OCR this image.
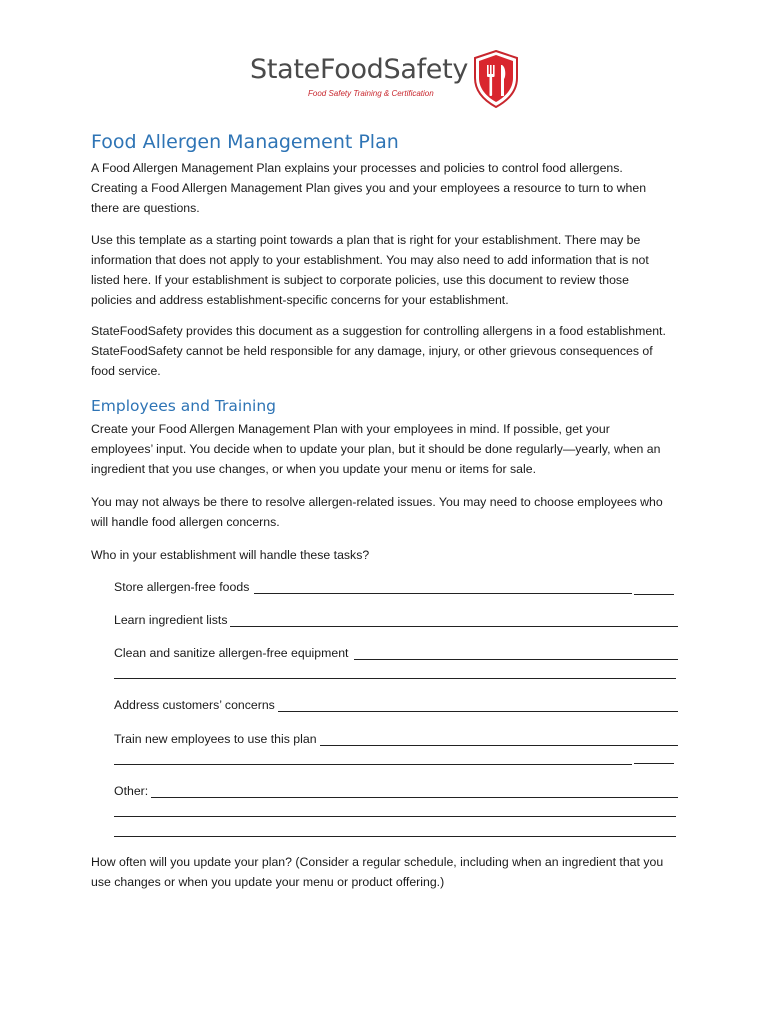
StateFoodSafety
Food Safety Training & Certification
Food Allergen Management Plan

A Food Allergen Management Plan explains your processes and policies to control food allergens.
Creating a Food Allergen Management Plan gives you and your employees a resource to turn to when
there are questions.

Use this template as a starting point towards a plan that is right for your establishment. There may be
information that does not apply to your establishment. You may also need to add information that is not
listed here. If your establishment is subject to corporate policies, use this document to review those
policies and address establishment-specific concerns for your establishment.

StateFoodSafety provides this document as a suggestion for controlling allergens in a food establishment.
StateFoodSafety cannot be held responsible for any damage, injury, or other grievous consequences of
food service.

Employees and Training

Create your Food Allergen Management Plan with your employees in mind. If possible, get your
employees’ input. You decide when to update your plan, but it should be done regularly—yearly, when an
ingredient that you use changes, or when you update your menu or items for sale.

You may not always be there to resolve allergen-related issues. You may need to choose employees who
will handle food allergen concerns.

Who in your establishment will handle these tasks?

Store allergen-free foods
Learn ingredient lists
Clean and sanitize allergen-free equipment
Address customers’ concerns
Train new employees to use this plan
Other:

How often will you update your plan? (Consider a regular schedule, including when an ingredient that you
use changes or when you update your menu or product offering.)
